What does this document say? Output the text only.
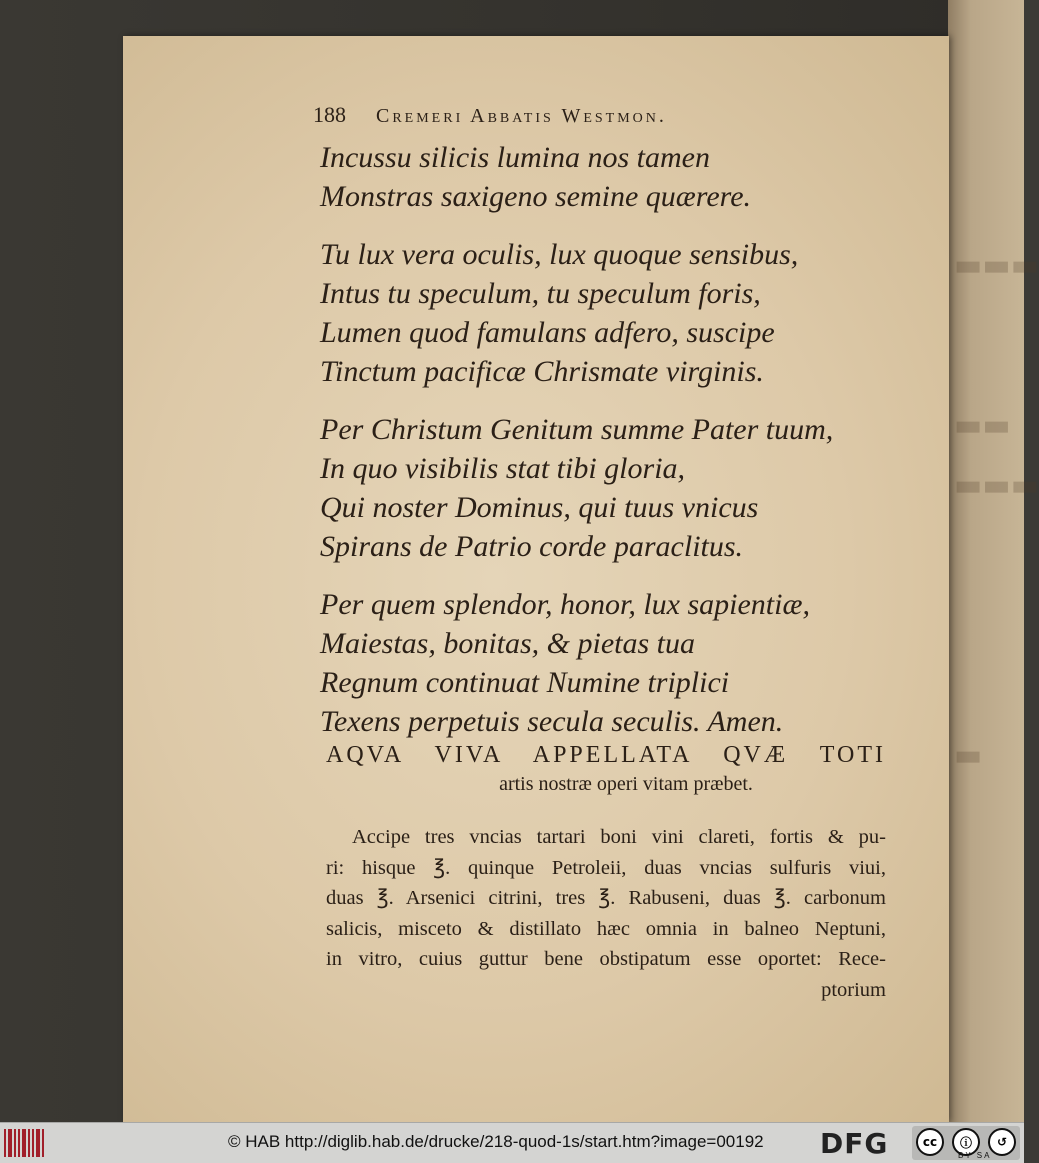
▬▬▬
▬▬
▬▬▬
▬
188 Cremeri Abbatis Westmon.
Incussu silicis lumina nos tamen
Monstras saxigeno semine quærere.
Tu lux vera oculis, lux quoque sensibus,
Intus tu speculum, tu speculum foris,
Lumen quod famulans adfero, suscipe
Tinctum pacificæ Chrismate virginis.
Per Christum Genitum summe Pater tuum,
In quo visibilis stat tibi gloria,
Qui noster Dominus, qui tuus vnicus
Spirans de Patrio corde paraclitus.
Per quem splendor, honor, lux sapientiæ,
Maiestas, bonitas, & pietas tua
Regnum continuat Numine triplici
Texens perpetuis secula seculis. Amen.
AQVA VIVA APPELLATA QVÆ TOTI
artis nostræ operi vitam præbet.
Accipe tres vncias tartari boni vini clareti, fortis & pu-
ri: hisque ℥. quinque Petroleii, duas vncias sulfuris viui,
duas ℥. Arsenici citrini, tres ℥. Rabuseni, duas ℥. carbonum
salicis, misceto & distillato hæc omnia in balneo Neptuni,
in vitro, cuius guttur bene obstipatum esse oportet: Rece-
ptorium
© HAB http://diglib.hab.de/drucke/218-quod-1s/start.htm?image=00192 DFG	cc	ⓘ	↺
BY SA
